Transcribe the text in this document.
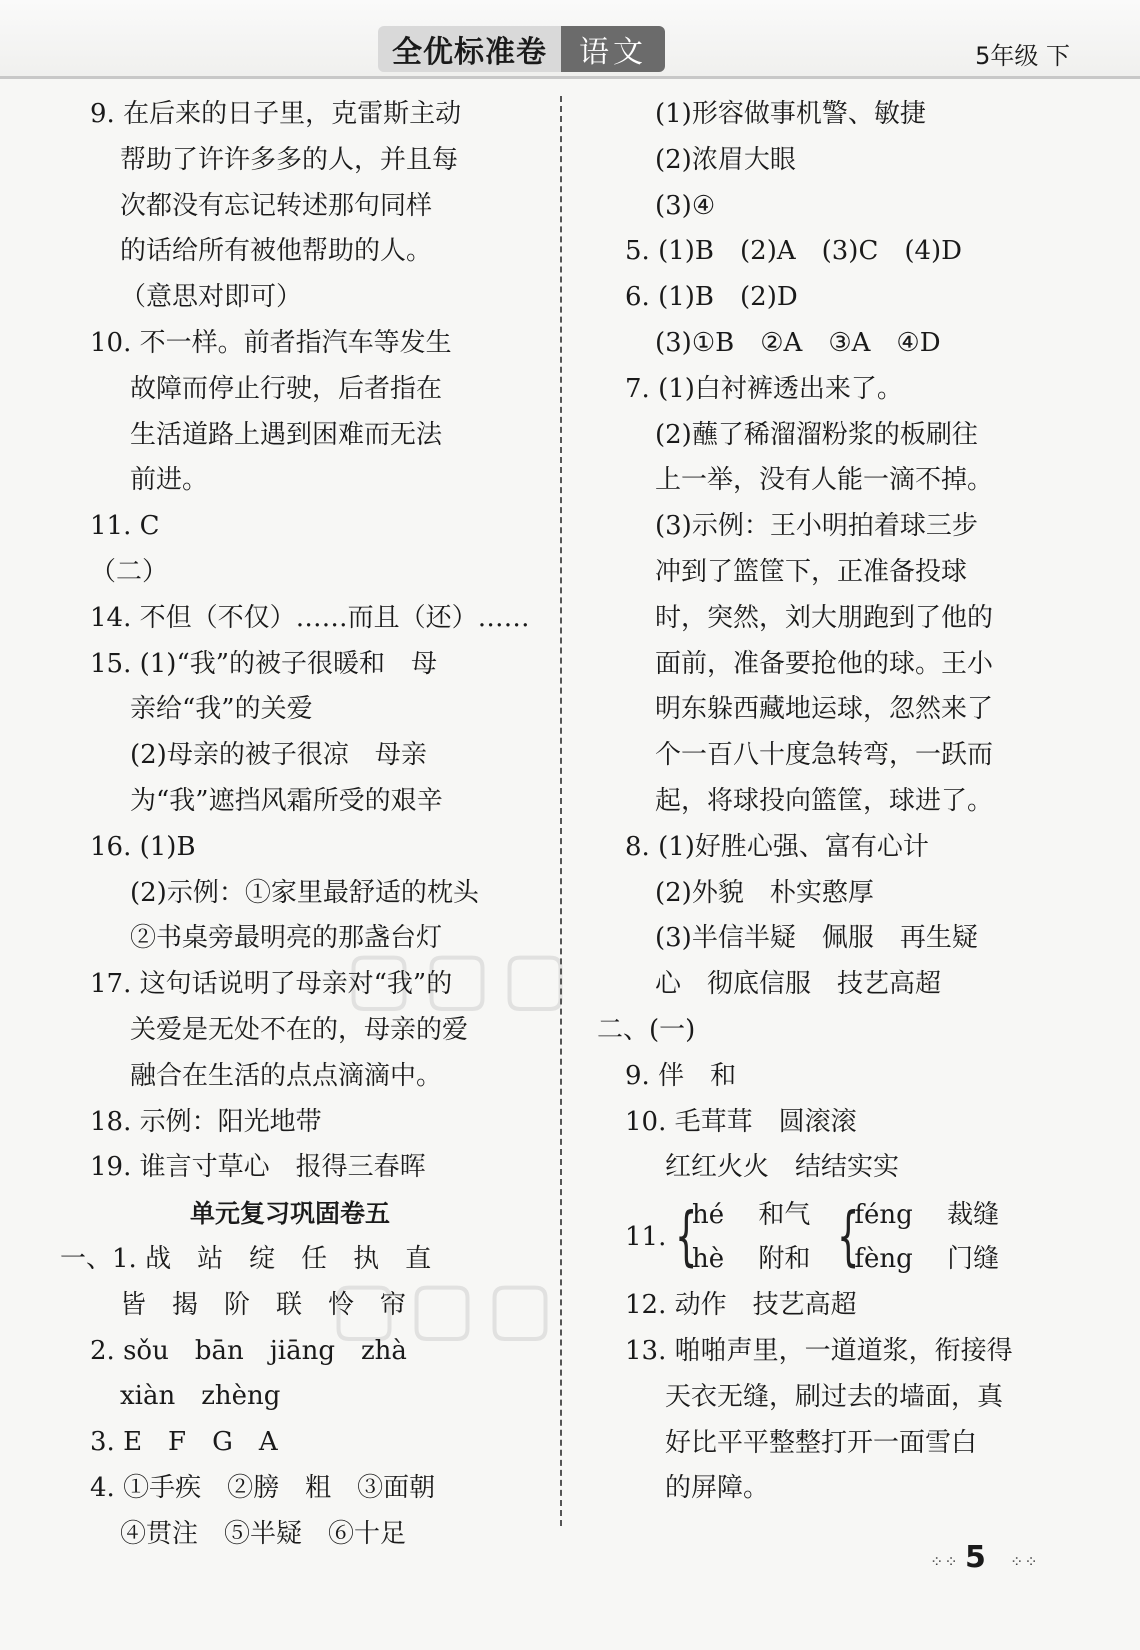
全优标准卷	语文	5年级 下
▢▢▢
▢▢▢
9. 在后来的日子里，克雷斯主动
帮助了许许多多的人，并且每
次都没有忘记转述那句同样
的话给所有被他帮助的人。
（意思对即可）
10. 不一样。前者指汽车等发生
故障而停止行驶，后者指在
生活道路上遇到困难而无法
前进。
11. C
（二）
14. 不但（不仅）……而且（还）……
15. (1)“我”的被子很暖和　母
亲给“我”的关爱
(2)母亲的被子很凉　母亲
为“我”遮挡风霜所受的艰辛
16. (1)B
(2)示例：①家里最舒适的枕头
②书桌旁最明亮的那盏台灯
17. 这句话说明了母亲对“我”的
关爱是无处不在的，母亲的爱
融合在生活的点点滴滴中。
18. 示例：阳光地带
19. 谁言寸草心　报得三春晖
单元复习巩固卷五
一、1. 战　站　绽　任　执　直
皆　揭　阶　联　怜　帘
2. sǒu　bān　jiāng　zhà
xiàn　zhèng
3. E　F　G　A
4. ①手疾　②膀　粗　③面朝
④贯注　⑤半疑　⑥十足
(1)形容做事机警、敏捷
(2)浓眉大眼
(3)④
5. (1)B　(2)A　(3)C　(4)D
6. (1)B　(2)D
(3)①B　②A　③A　④D
7. (1)白衬裤透出来了。
(2)蘸了稀溜溜粉浆的板刷往
上一举，没有人能一滴不掉。
(3)示例：王小明拍着球三步
冲到了篮筐下，正准备投球
时，突然，刘大朋跑到了他的
面前，准备要抢他的球。王小
明东躲西藏地运球，忽然来了
个一百八十度急转弯，一跃而
起，将球投向篮筐，球进了。
8. (1)好胜心强、富有心计
(2)外貌　朴实憨厚
(3)半信半疑　佩服　再生疑
心　彻底信服　技艺高超
二、(一)
9. 伴　和
10. 毛茸茸　圆滚滚
红红火火　结结实实
11. {
hé　 和气
hè　 附和 {
féng　 裁缝
fèng　 门缝
12. 动作　技艺高超
13. 啪啪声里，一道道浆，衔接得
天衣无缝，刷过去的墙面，真
好比平平整整打开一面雪白
的屏障。
⁘⁘ 5 ⁘⁘
